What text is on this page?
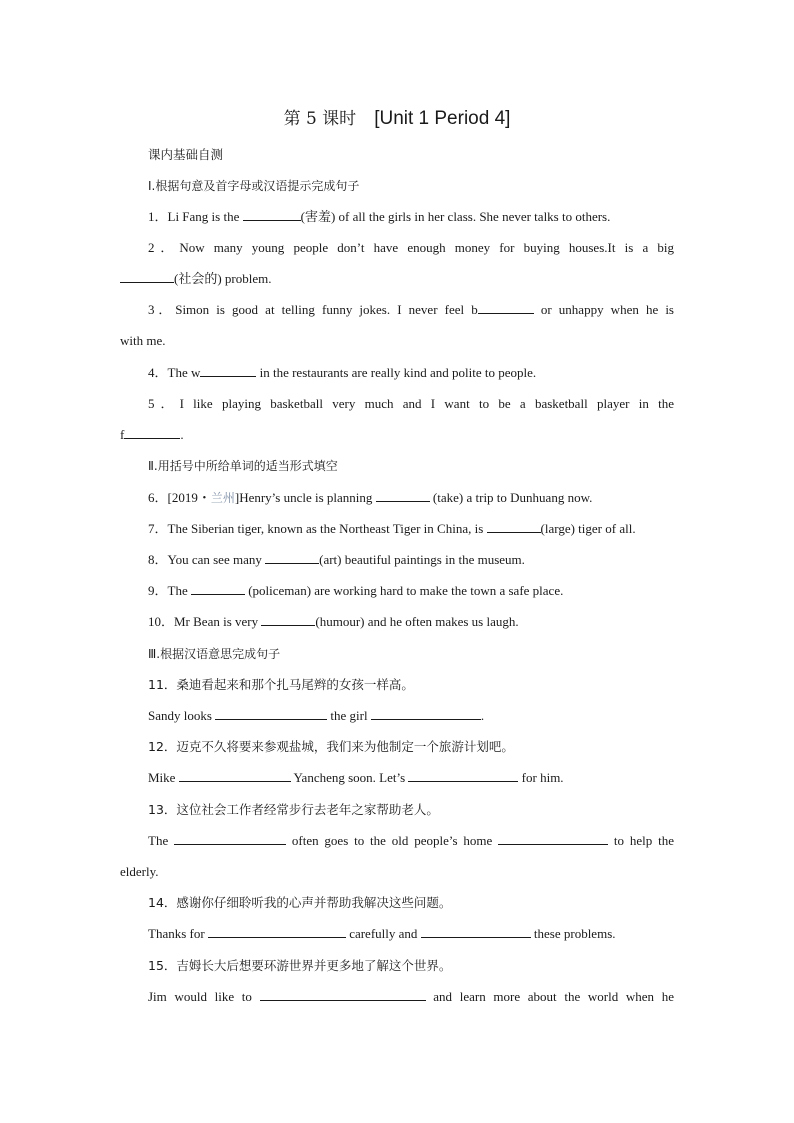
第 5 课时 [Unit 1 Period 4]
课内基础自测
Ⅰ.根据句意及首字母或汉语提示完成句子
1．Li Fang is the	(害羞) of all the girls in her class. She never talks to others.
2．Now many young people don’t have enough money for buying houses.It is a big
(社会的) problem.
3．Simon is good at telling funny jokes. I never feel b	or unhappy when he is
with me.
4．The w	in the restaurants are really kind and polite to people.
5．I like playing basketball very much and I want to be a basketball player in the
f	.
Ⅱ.用括号中所给单词的适当形式填空
6．[2019・兰州]Henry’s uncle is planning	(take) a trip to Dunhuang now.
7．The Siberian tiger, known as the Northeast Tiger in China, is	(large) tiger of all.
8．You can see many	(art) beautiful paintings in the museum.
9．The	(policeman) are working hard to make the town a safe place.
10．Mr Bean is very	(humour) and he often makes us laugh.
Ⅲ.根据汉语意思完成句子
11．桑迪看起来和那个扎马尾辫的女孩一样高。
Sandy looks	the girl	.
12．迈克不久将要来参观盐城，我们来为他制定一个旅游计划吧。
Mike	Yancheng soon. Let’s	for him.
13．这位社会工作者经常步行去老年之家帮助老人。
The	often goes to the old people’s home	to help the
elderly.
14．感谢你仔细聆听我的心声并帮助我解决这些问题。
Thanks for	carefully and	these problems.
15．吉姆长大后想要环游世界并更多地了解这个世界。
Jim would like to	and learn more about the world when he
